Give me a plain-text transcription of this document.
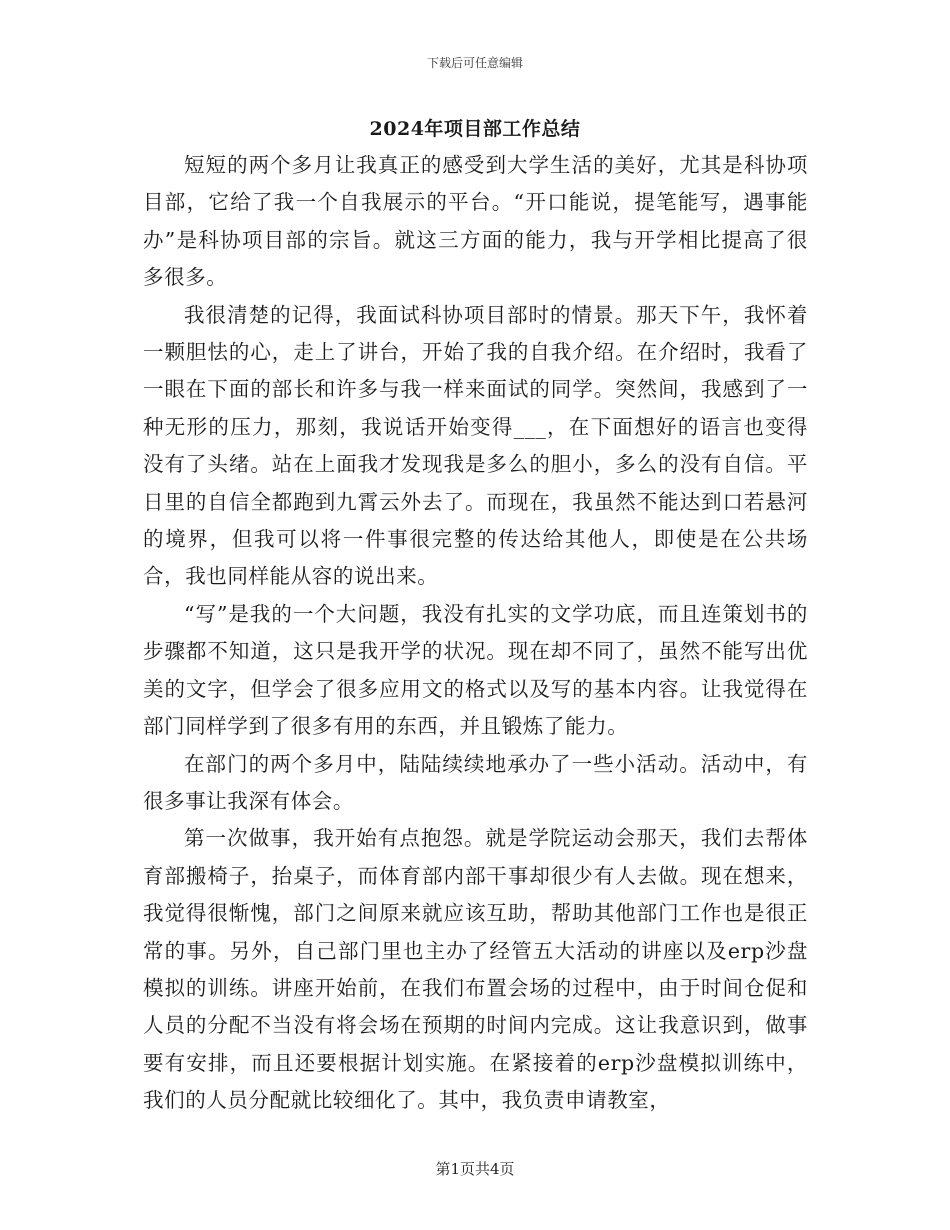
下载后可任意编辑
2024年项目部工作总结

短短的两个多月让我真正的感受到大学生活的美好，尤其是科协项目部，它给了我一个自我展示的平台。“开口能说，提笔能写，遇事能办”是科协项目部的宗旨。就这三方面的能力，我与开学相比提高了很多很多。

我很清楚的记得，我面试科协项目部时的情景。那天下午，我怀着一颗胆怯的心，走上了讲台，开始了我的自我介绍。在介绍时，我看了一眼在下面的部长和许多与我一样来面试的同学。突然间，我感到了一种无形的压力，那刻，我说话开始变得___，在下面想好的语言也变得没有了头绪。站在上面我才发现我是多么的胆小，多么的没有自信。平日里的自信全都跑到九霄云外去了。而现在，我虽然不能达到口若悬河的境界，但我可以将一件事很完整的传达给其他人，即使是在公共场合，我也同样能从容的说出来。

“写”是我的一个大问题，我没有扎实的文学功底，而且连策划书的步骤都不知道，这只是我开学的状况。现在却不同了，虽然不能写出优美的文字，但学会了很多应用文的格式以及写的基本内容。让我觉得在部门同样学到了很多有用的东西，并且锻炼了能力。

在部门的两个多月中，陆陆续续地承办了一些小活动。活动中，有很多事让我深有体会。

第一次做事，我开始有点抱怨。就是学院运动会那天，我们去帮体育部搬椅子，抬桌子，而体育部内部干事却很少有人去做。现在想来，我觉得很惭愧，部门之间原来就应该互助，帮助其他部门工作也是很正常的事。另外，自己部门里也主办了经管五大活动的讲座以及erp沙盘模拟的训练。讲座开始前，在我们布置会场的过程中，由于时间仓促和人员的分配不当没有将会场在预期的时间内完成。这让我意识到，做事要有安排，而且还要根据计划实施。在紧接着的erp沙盘模拟训练中，我们的人员分配就比较细化了。其中，我负责申请教室，

第1页共4页
